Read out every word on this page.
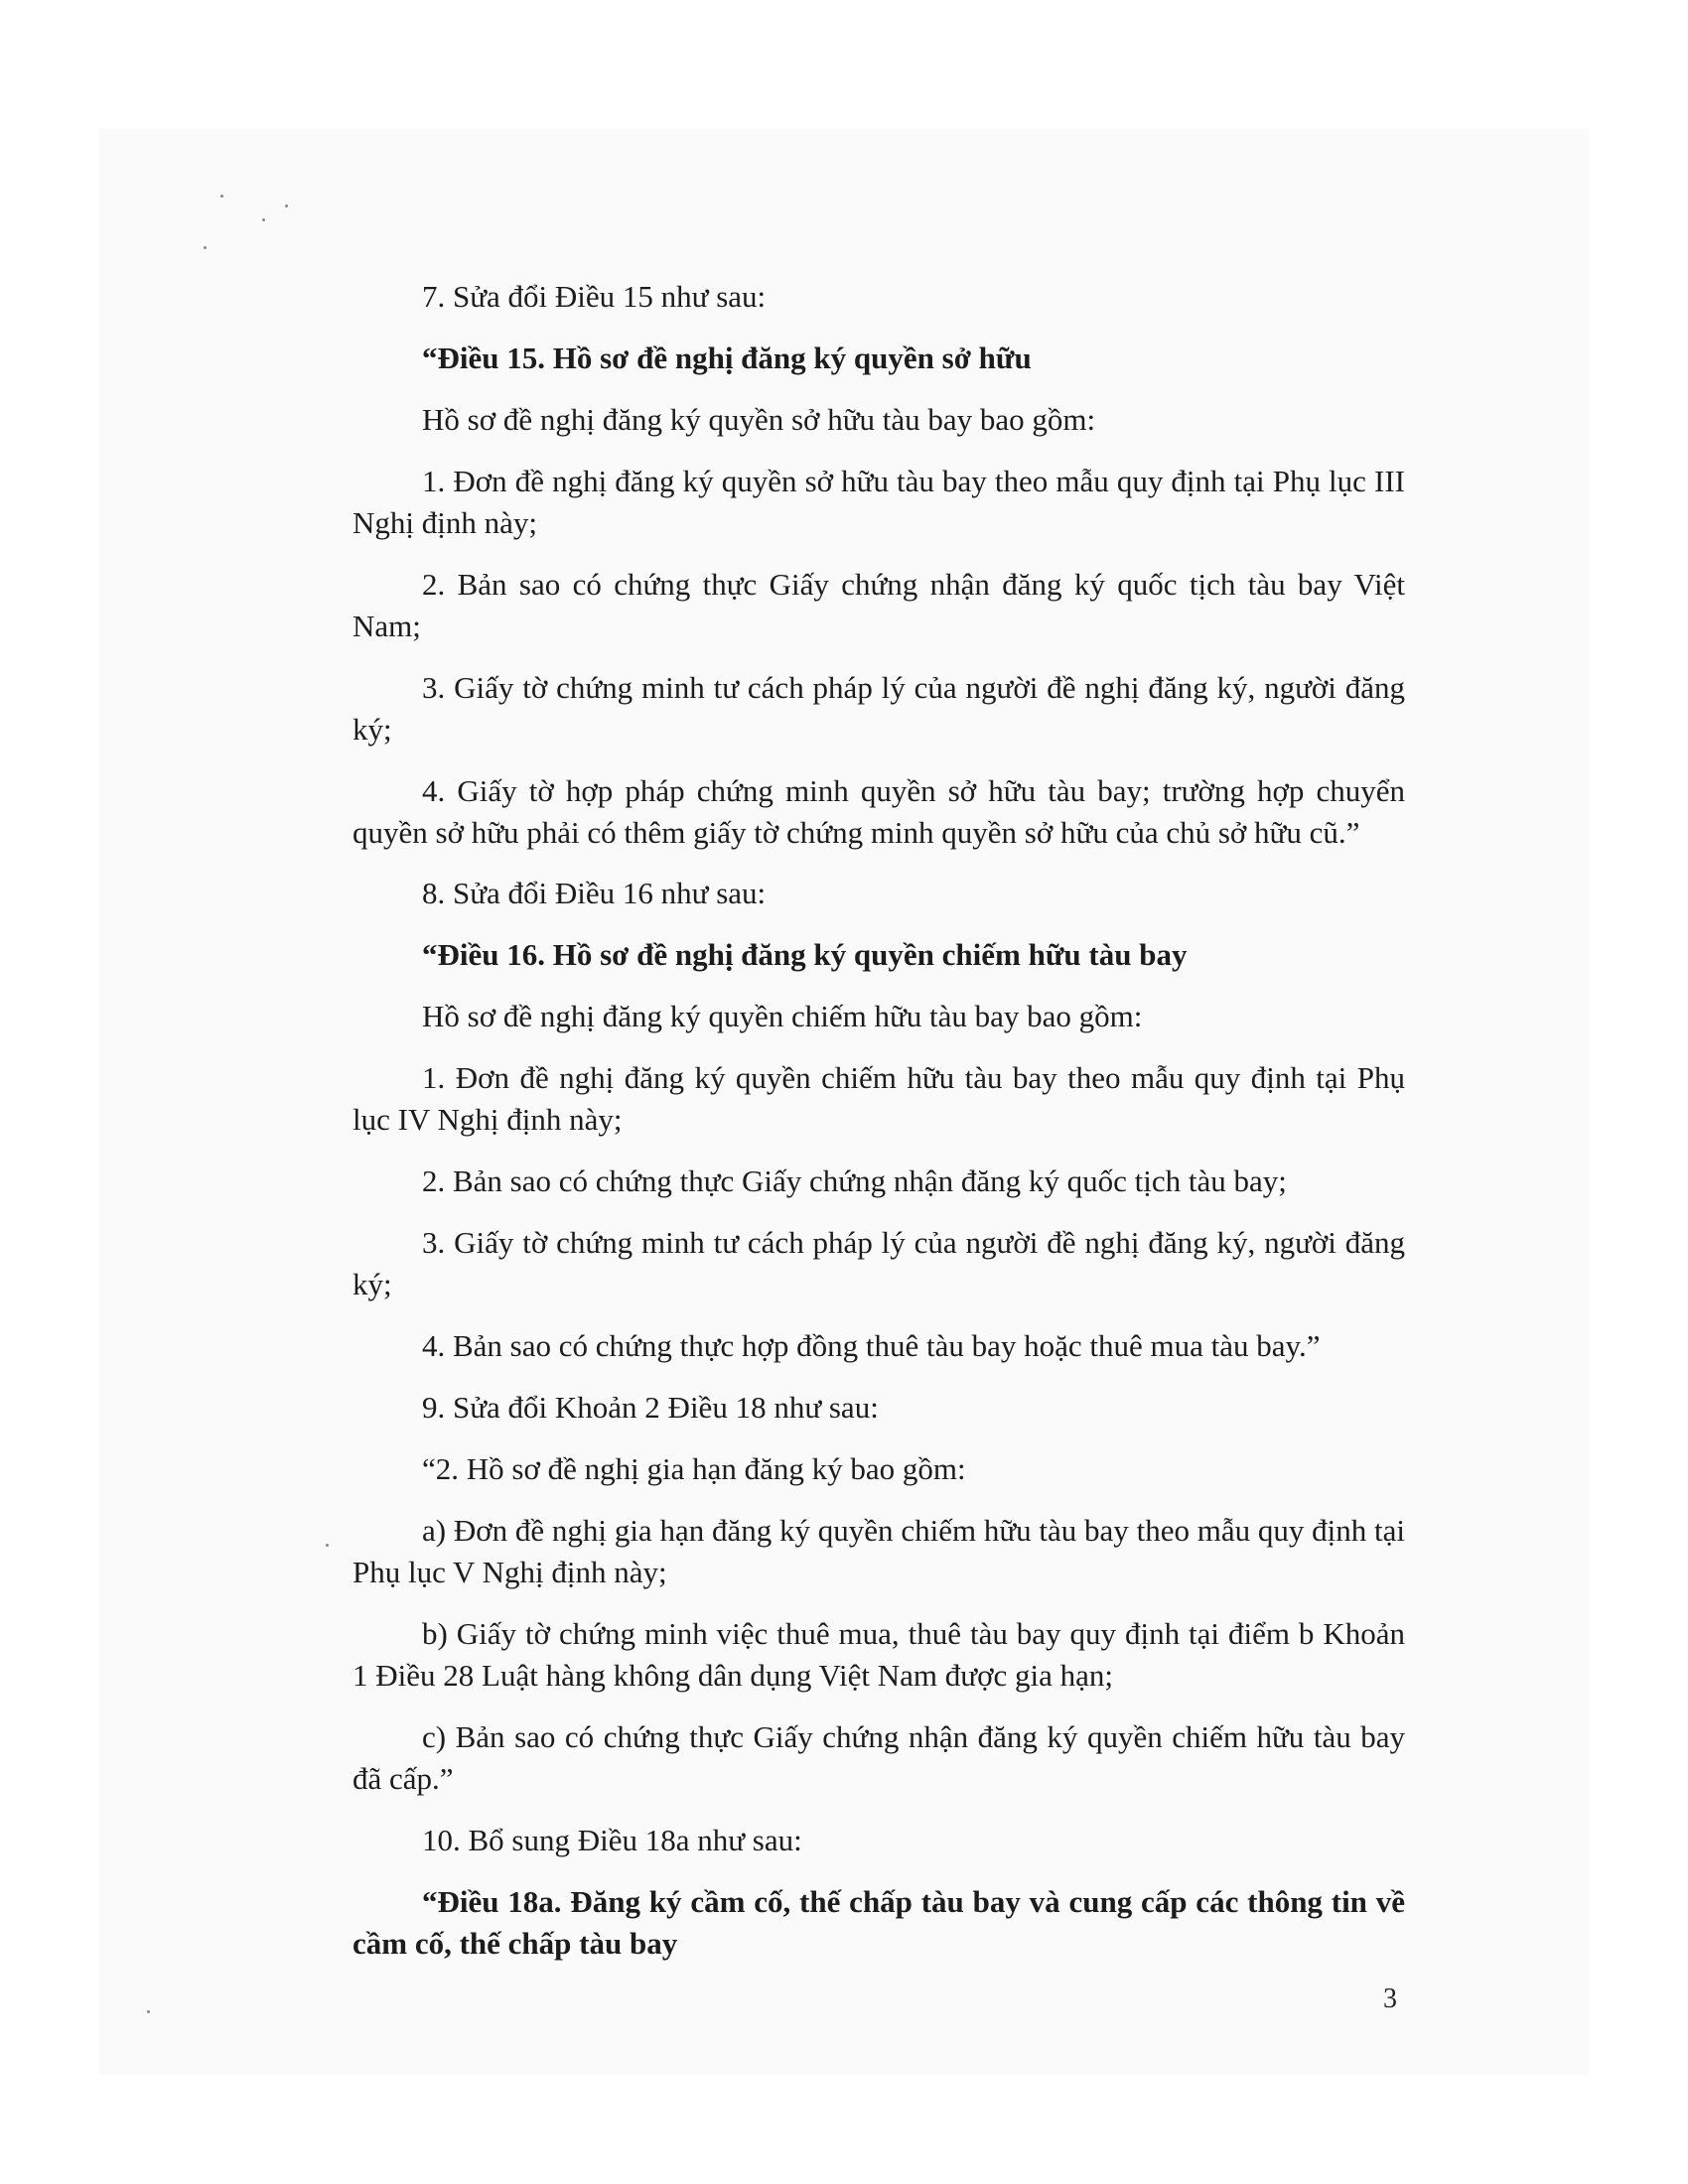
7. Sửa đổi Điều 15 như sau:

“Điều 15. Hồ sơ đề nghị đăng ký quyền sở hữu

Hồ sơ đề nghị đăng ký quyền sở hữu tàu bay bao gồm:

1. Đơn đề nghị đăng ký quyền sở hữu tàu bay theo mẫu quy định tại Phụ lục III Nghị định này;

2. Bản sao có chứng thực Giấy chứng nhận đăng ký quốc tịch tàu bay Việt Nam;

3. Giấy tờ chứng minh tư cách pháp lý của người đề nghị đăng ký, người đăng ký;

4. Giấy tờ hợp pháp chứng minh quyền sở hữu tàu bay; trường hợp chuyển quyền sở hữu phải có thêm giấy tờ chứng minh quyền sở hữu của chủ sở hữu cũ.”

8. Sửa đổi Điều 16 như sau:

“Điều 16. Hồ sơ đề nghị đăng ký quyền chiếm hữu tàu bay

Hồ sơ đề nghị đăng ký quyền chiếm hữu tàu bay bao gồm:

1. Đơn đề nghị đăng ký quyền chiếm hữu tàu bay theo mẫu quy định tại Phụ lục IV Nghị định này;

2. Bản sao có chứng thực Giấy chứng nhận đăng ký quốc tịch tàu bay;

3. Giấy tờ chứng minh tư cách pháp lý của người đề nghị đăng ký, người đăng ký;

4. Bản sao có chứng thực hợp đồng thuê tàu bay hoặc thuê mua tàu bay.”

9. Sửa đổi Khoản 2 Điều 18 như sau:

“2. Hồ sơ đề nghị gia hạn đăng ký bao gồm:

a) Đơn đề nghị gia hạn đăng ký quyền chiếm hữu tàu bay theo mẫu quy định tại Phụ lục V Nghị định này;

b) Giấy tờ chứng minh việc thuê mua, thuê tàu bay quy định tại điểm b Khoản 1 Điều 28 Luật hàng không dân dụng Việt Nam được gia hạn;

c) Bản sao có chứng thực Giấy chứng nhận đăng ký quyền chiếm hữu tàu bay đã cấp.”

10. Bổ sung Điều 18a như sau:

“Điều 18a. Đăng ký cầm cố, thế chấp tàu bay và cung cấp các thông tin về cầm cố, thế chấp tàu bay

3
